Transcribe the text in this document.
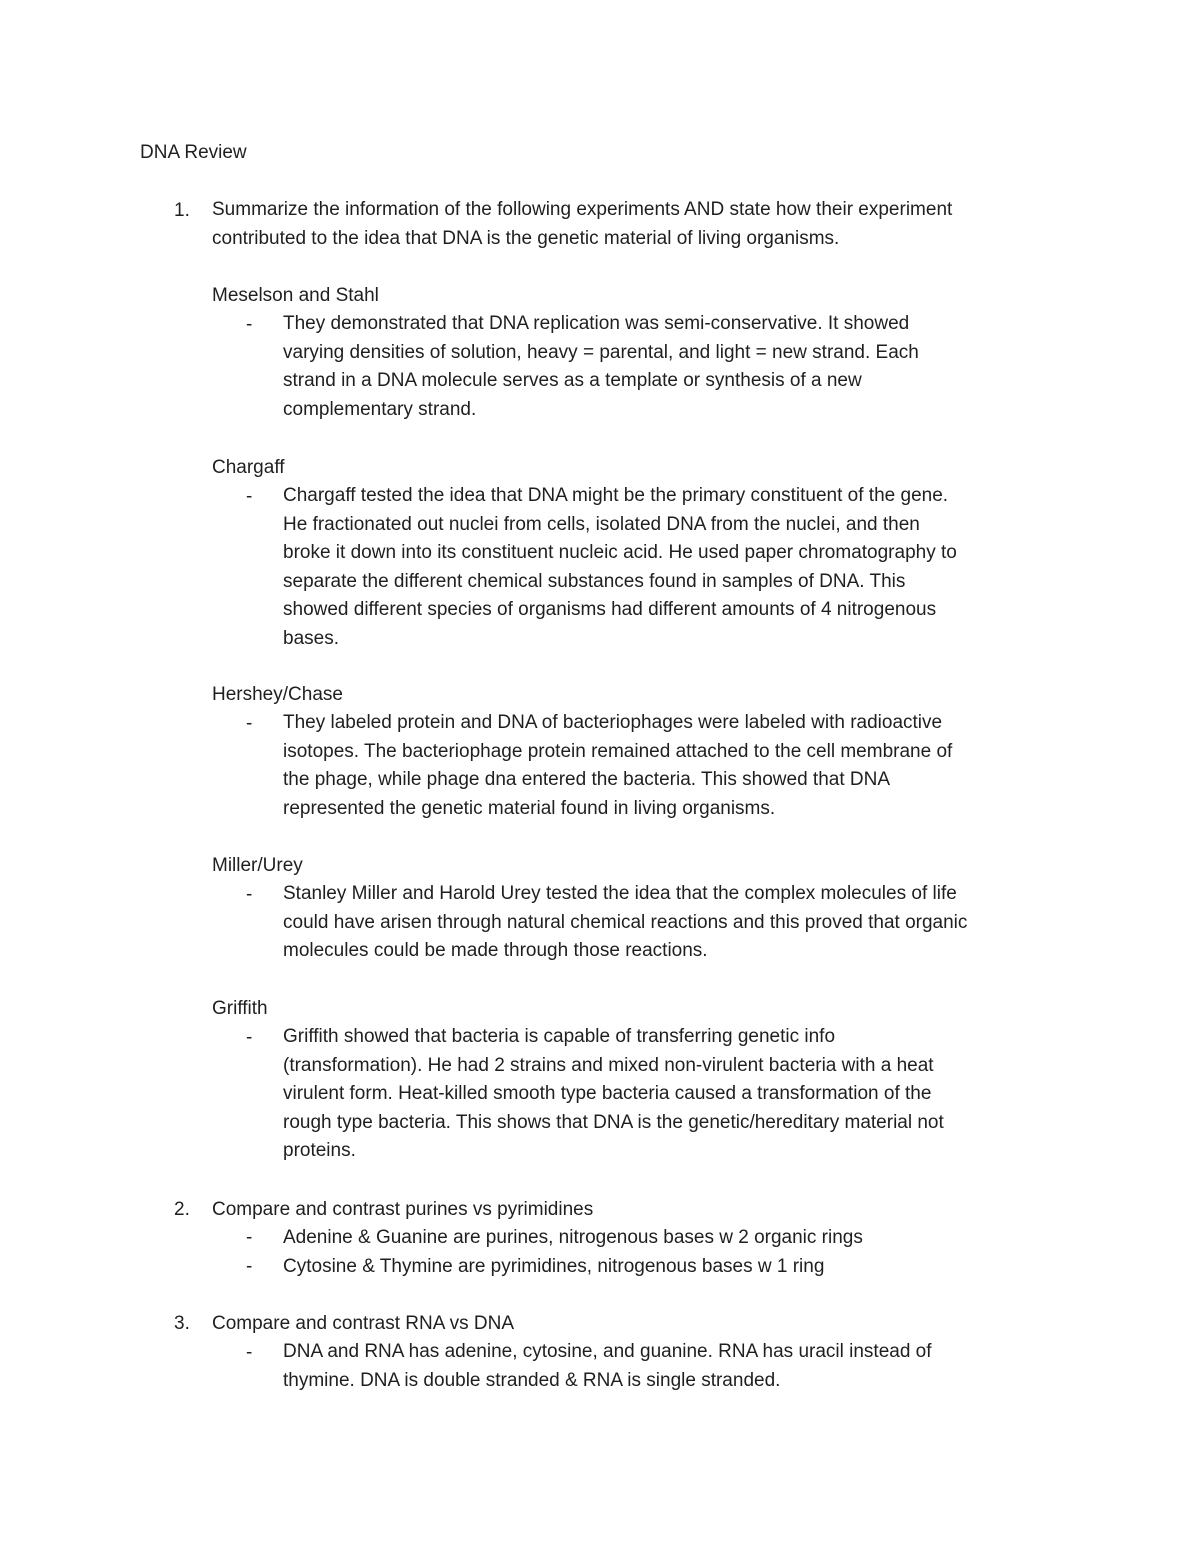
DNA Review
1. Summarize the information of the following experiments AND state how their experiment
contributed to the idea that DNA is the genetic material of living organisms.
Meselson and Stahl
- They demonstrated that DNA replication was semi-conservative. It showed
varying densities of solution, heavy = parental, and light = new strand. Each
strand in a DNA molecule serves as a template or synthesis of a new
complementary strand.
Chargaff
- Chargaff tested the idea that DNA might be the primary constituent of the gene.
He fractionated out nuclei from cells, isolated DNA from the nuclei, and then
broke it down into its constituent nucleic acid. He used paper chromatography to
separate the different chemical substances found in samples of DNA. This
showed different species of organisms had different amounts of 4 nitrogenous
bases.
Hershey/Chase
- They labeled protein and DNA of bacteriophages were labeled with radioactive
isotopes. The bacteriophage protein remained attached to the cell membrane of
the phage, while phage dna entered the bacteria. This showed that DNA
represented the genetic material found in living organisms.
Miller/Urey
- Stanley Miller and Harold Urey tested the idea that the complex molecules of life
could have arisen through natural chemical reactions and this proved that organic
molecules could be made through those reactions.
Griffith
- Griffith showed that bacteria is capable of transferring genetic info
(transformation). He had 2 strains and mixed non-virulent bacteria with a heat
virulent form. Heat-killed smooth type bacteria caused a transformation of the
rough type bacteria. This shows that DNA is the genetic/hereditary material not
proteins.
2. Compare and contrast purines vs pyrimidines
- Adenine & Guanine are purines, nitrogenous bases w 2 organic rings
- Cytosine & Thymine are pyrimidines, nitrogenous bases w 1 ring
3. Compare and contrast RNA vs DNA
- DNA and RNA has adenine, cytosine, and guanine. RNA has uracil instead of
thymine. DNA is double stranded & RNA is single stranded.
